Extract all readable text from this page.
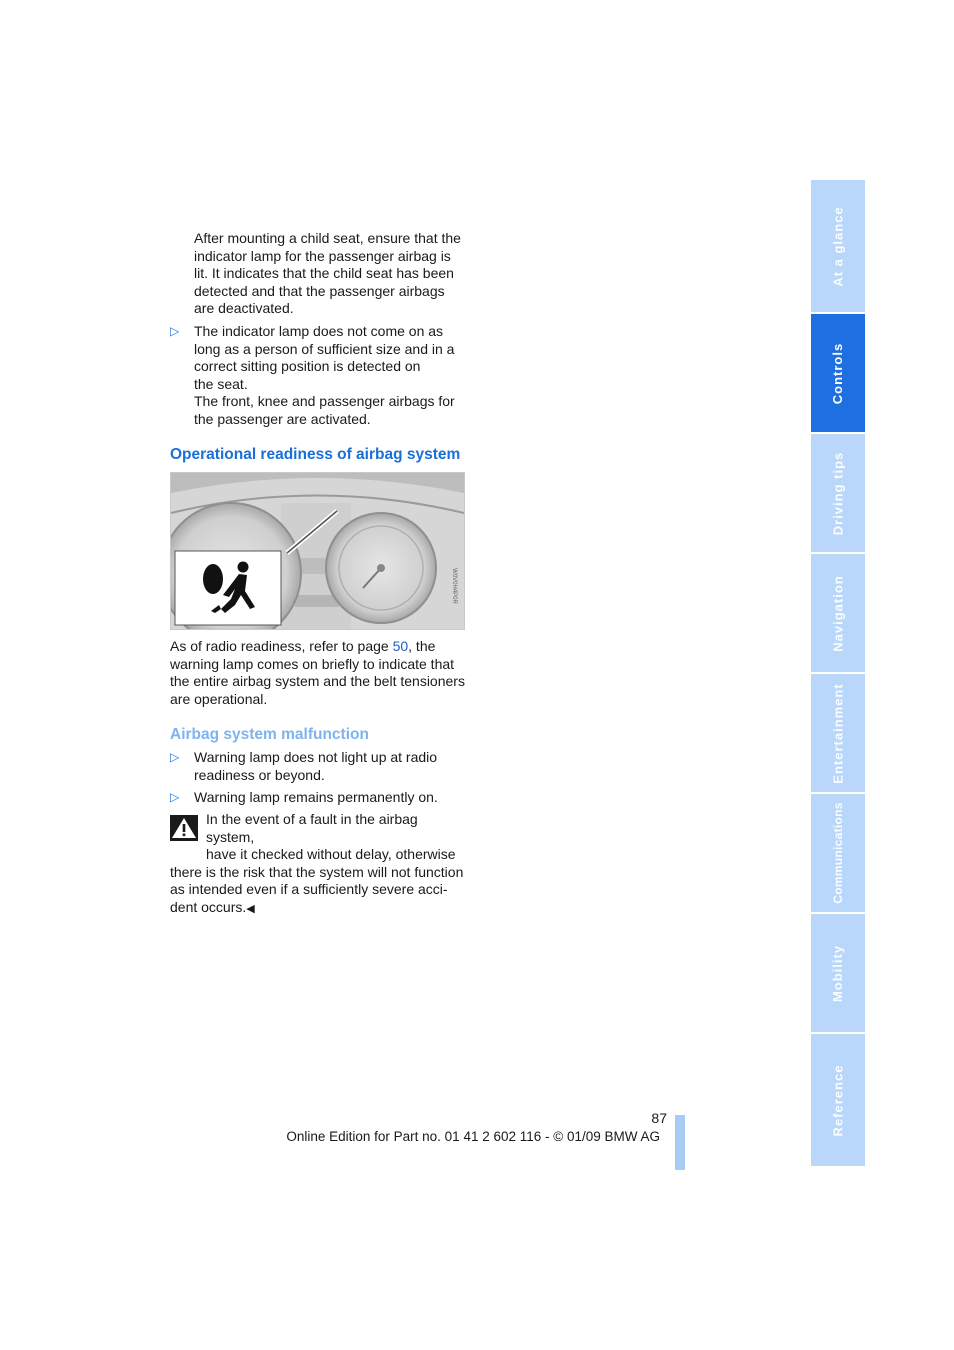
After mounting a child seat, ensure that the indicator lamp for the passenger airbag is lit. It indicates that the child seat has been detected and that the passenger airbags are deactivated.
▷ The indicator lamp does not come on as
long as a person of sufficient size and in a
correct sitting position is detected on
the seat.
The front, knee and passenger airbags for
the passenger are activated.
Operational readiness of airbag system
W0V0H4P0R
As of radio readiness, refer to page 50, the
warning lamp comes on briefly to indicate that
the entire airbag system and the belt tensioners
are operational.
Airbag system malfunction
▷ Warning lamp does not light up at radio
readiness or beyond.
▷ Warning lamp remains permanently on.
In the event of a fault in the airbag system,
have it checked without delay, otherwise
there is the risk that the system will not function
as intended even if a sufficiently severe acci-
dent occurs.◀
At a glance
Controls
Driving tips
Navigation
Entertainment
Communications
Mobility
Reference
87
Online Edition for Part no. 01 41 2 602 116 - © 01/09 BMW AG
